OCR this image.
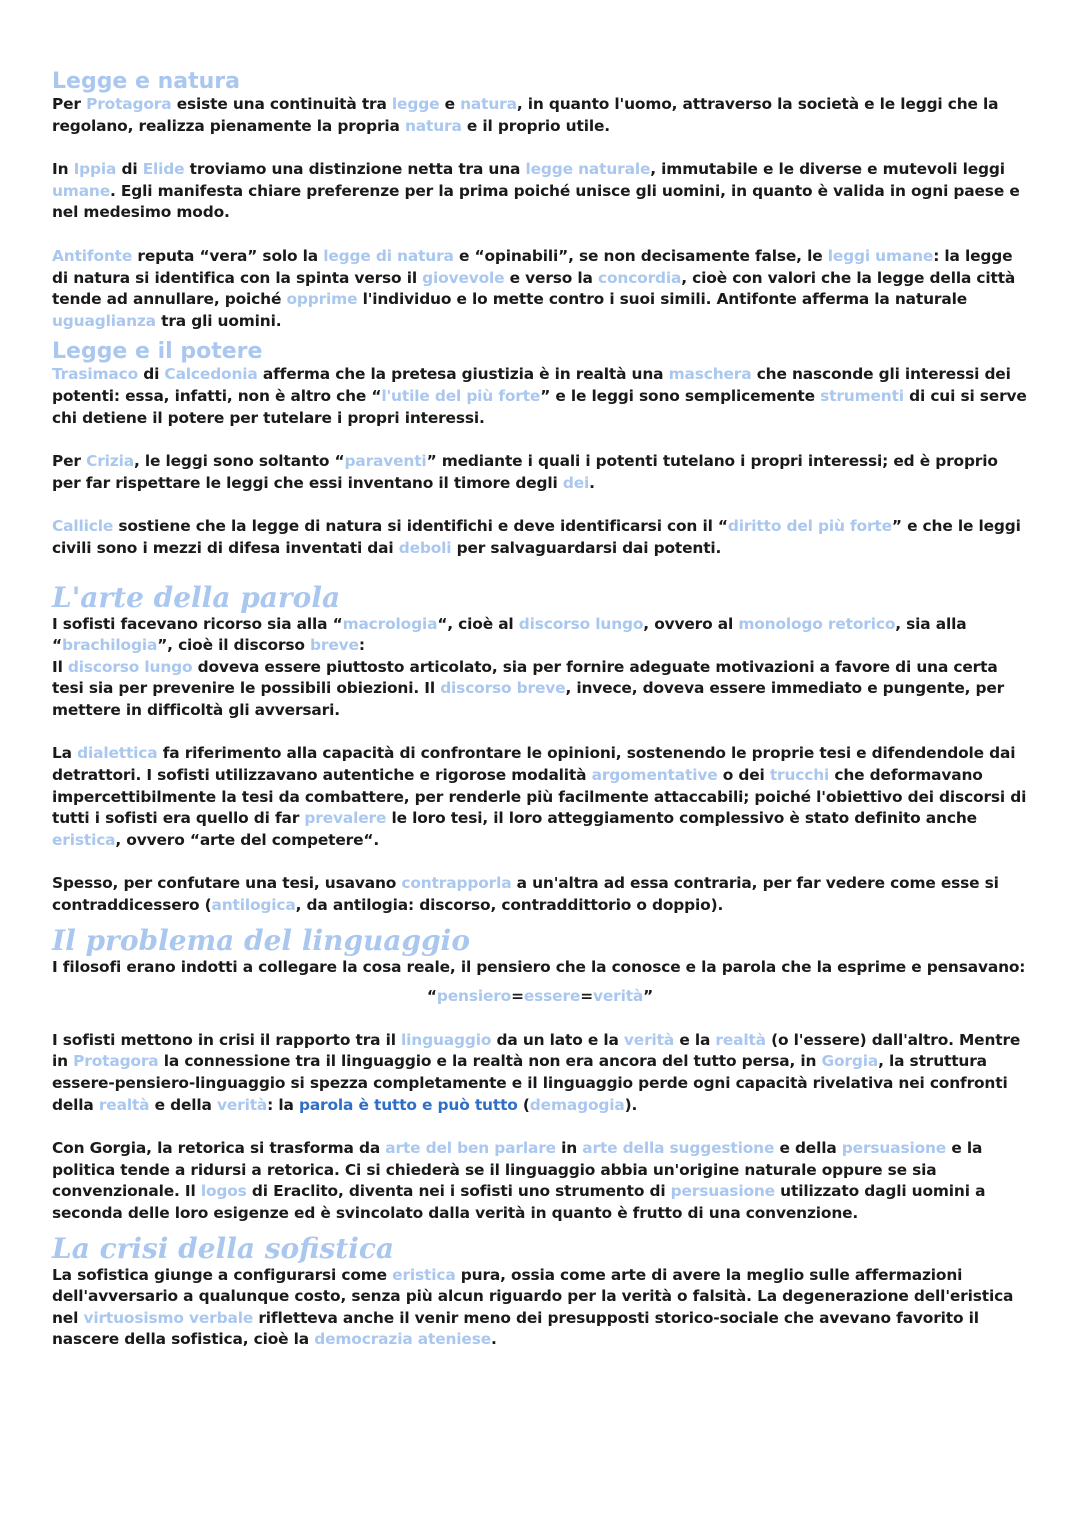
Legge e natura

Per Protagora esiste una continuità tra legge e natura, in quanto l'uomo, attraverso la società e le leggi che la regolano, realizza pienamente la propria natura e il proprio utile.

In Ippia di Elide troviamo una distinzione netta tra una legge naturale, immutabile e le diverse e mutevoli leggi umane. Egli manifesta chiare preferenze per la prima poiché unisce gli uomini, in quanto è valida in ogni paese e nel medesimo modo.

Antifonte reputa “vera” solo la legge di natura e “opinabili”, se non decisamente false, le leggi umane: la legge di natura si identifica con la spinta verso il giovevole e verso la concordia, cioè con valori che la legge della città tende ad annullare, poiché opprime l'individuo e lo mette contro i suoi simili. Antifonte afferma la naturale uguaglianza tra gli uomini.

Legge e il potere

Trasimaco di Calcedonia afferma che la pretesa giustizia è in realtà una maschera che nasconde gli interessi dei potenti: essa, infatti, non è altro che “l'utile del più forte” e le leggi sono semplicemente strumenti di cui si serve chi detiene il potere per tutelare i propri interessi.

Per Crizia, le leggi sono soltanto “paraventi” mediante i quali i potenti tutelano i propri interessi; ed è proprio per far rispettare le leggi che essi inventano il timore degli dei.

Callicle sostiene che la legge di natura si identifichi e deve identificarsi con il “diritto del più forte” e che le leggi civili sono i mezzi di difesa inventati dai deboli per salvaguardarsi dai potenti.

L'arte della parola

I sofisti facevano ricorso sia alla “macrologia“, cioè al discorso lungo, ovvero al monologo retorico, sia alla “brachilogia”, cioè il discorso breve:

Il discorso lungo doveva essere piuttosto articolato, sia per fornire adeguate motivazioni a favore di una certa tesi sia per prevenire le possibili obiezioni. Il discorso breve, invece, doveva essere immediato e pungente, per mettere in difficoltà gli avversari.

La dialettica fa riferimento alla capacità di confrontare le opinioni, sostenendo le proprie tesi e difendendole dai detrattori. I sofisti utilizzavano autentiche e rigorose modalità argomentative o dei trucchi che deformavano impercettibilmente la tesi da combattere, per renderle più facilmente attaccabili; poiché l'obiettivo dei discorsi di tutti i sofisti era quello di far prevalere le loro tesi, il loro atteggiamento complessivo è stato definito anche eristica, ovvero “arte del competere“.

Spesso, per confutare una tesi, usavano contrapporla a un'altra ad essa contraria, per far vedere come esse si contraddicessero (antilogica, da antilogia: discorso, contraddittorio o doppio).

Il problema del linguaggio

I filosofi erano indotti a collegare la cosa reale, il pensiero che la conosce e la parola che la esprime e pensavano:

“pensiero=essere=verità”

I sofisti mettono in crisi il rapporto tra il linguaggio da un lato e la verità e la realtà (o l'essere) dall'altro. Mentre in Protagora la connessione tra il linguaggio e la realtà non era ancora del tutto persa, in Gorgia, la struttura essere-pensiero-linguaggio si spezza completamente e il linguaggio perde ogni capacità rivelativa nei confronti della realtà e della verità: la parola è tutto e può tutto (demagogia).

Con Gorgia, la retorica si trasforma da arte del ben parlare in arte della suggestione e della persuasione e la politica tende a ridursi a retorica. Ci si chiederà se il linguaggio abbia un'origine naturale oppure se sia convenzionale. Il logos di Eraclito, diventa nei i sofisti uno strumento di persuasione utilizzato dagli uomini a seconda delle loro esigenze ed è svincolato dalla verità in quanto è frutto di una convenzione.

La crisi della sofistica

La sofistica giunge a configurarsi come eristica pura, ossia come arte di avere la meglio sulle affermazioni dell'avversario a qualunque costo, senza più alcun riguardo per la verità o falsità. La degenerazione dell'eristica nel virtuosismo verbale rifletteva anche il venir meno dei presupposti storico-sociale che avevano favorito il nascere della sofistica, cioè la democrazia ateniese.
